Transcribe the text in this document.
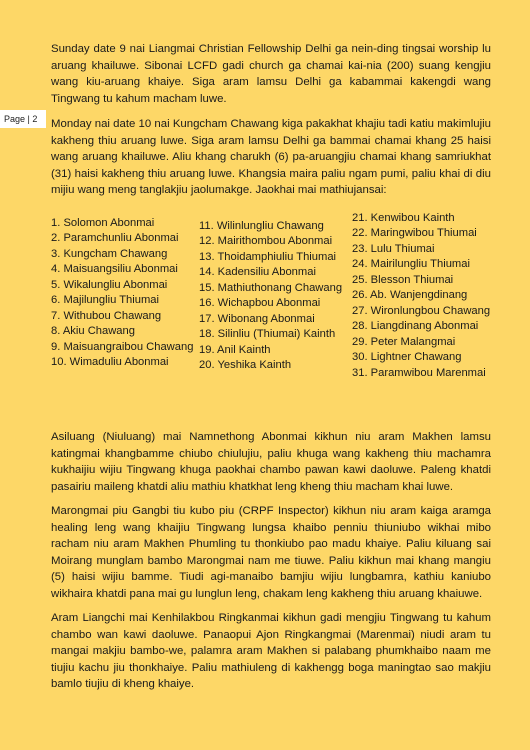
Page | 2

Sunday date 9 nai Liangmai Christian Fellowship Delhi ga nein-ding tingsai worship lu aruang khailuwe. Sibonai LCFD gadi church ga chamai kai-nia (200) suang kengjiu wang kiu-aruang khaiye. Siga aram lamsu Delhi ga kabammai kakengdi wang Tingwang tu kahum macham luwe.

Monday nai date 10 nai Kungcham Chawang kiga pakakhat khajiu tadi katiu makimlujiu kakheng thiu aruang luwe. Siga aram lamsu Delhi ga bammai chamai khang 25 haisi wang aruang khailuwe. Aliu khang charukh (6) pa-aruangjiu chamai khang samriukhat (31) haisi kakheng thiu aruang luwe. Khangsia maira paliu ngam pumi, paliu khai di diu mijiu wang meng tanglakjiu jaolumakge. Jaokhai mai mathiujansai:

1. Solomon Abonmai
2. Paramchunliu Abonmai
3. Kungcham Chawang
4. Maisuangsiliu Abonmai
5. Wikalungliu Abonmai
6. Majilungliu Thiumai
7. Withubou Chawang
8. Akiu Chawang
9. Maisuangraibou Chawang
10. Wimaduliu Abonmai
11. Wilinlungliu Chawang
12. Mairithombou Abonmai
13. Thoidamphiuliu Thiumai
14. Kadensiliu Abonmai
15. Mathiuthonang Chawang
16. Wichapbou Abonmai
17. Wibonang Abonmai
18. Silinliu (Thiumai) Kainth
19. Anil Kainth
20. Yeshika Kainth
21. Kenwibou Kainth
22. Maringwibou Thiumai
23. Lulu Thiumai
24. Mairilungliu Thiumai
25. Blesson Thiumai
26. Ab. Wanjengdinang
27. Wironlungbou Chawang
28. Liangdinang Abonmai
29. Peter Malangmai
30. Lightner Chawang
31. Paramwibou Marenmai

Asiluang (Niuluang) mai Namnethong Abonmai kikhun niu aram Makhen lamsu katingmai khangbamme chiubo chiulujiu, paliu khuga wang kakheng thiu machamra kukhaijiu wijiu Tingwang khuga paokhai chambo pawan kawi daoluwe. Paleng khatdi pasairiu maileng khatdi aliu mathiu khatkhat leng kheng thiu macham khai luwe.

Marongmai piu Gangbi tiu kubo piu (CRPF Inspector) kikhun niu aram kaiga aramga healing leng wang khaijiu Tingwang lungsa khaibo penniu thiuniubo wikhai mibo racham niu aram Makhen Phumling tu thonkiubo pao madu khaiye. Paliu kiluang sai Moirang munglam bambo Marongmai nam me tiuwe. Paliu kikhun mai khang mangiu (5) haisi wijiu bamme. Tiudi agi-manaibo bamjiu wijiu lungbamra, kathiu kaniubo wikhaira khatdi pana mai gu lunglun leng, chakam leng kakheng thiu aruang khaiuwe.

Aram Liangchi mai Kenhilakbou Ringkanmai kikhun gadi mengjiu Tingwang tu kahum chambo wan kawi daoluwe. Panaopui Ajon Ringkangmai (Marenmai) niudi aram tu mangai makjiu bambo-we, palamra aram Makhen si palabang phumkhaibo naam me tiujiu kachu jiu thonkhaiye. Paliu mathiuleng di kakhengg boga maningtao sao makjiu bamlo tiujiu di kheng khaiye.
